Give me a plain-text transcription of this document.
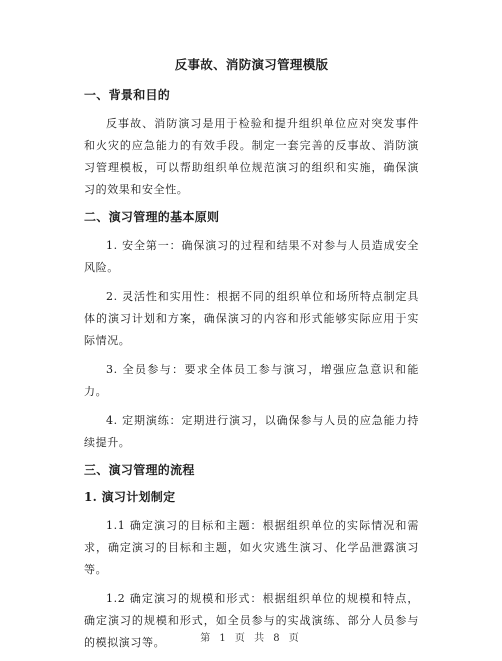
反事故、消防演习管理模版
一、背景和目的

反事故、消防演习是用于检验和提升组织单位应对突发事件和火灾的应急能力的有效手段。制定一套完善的反事故、消防演习管理模板，可以帮助组织单位规范演习的组织和实施，确保演习的效果和安全性。

二、演习管理的基本原则

1. 安全第一：确保演习的过程和结果不对参与人员造成安全风险。

2. 灵活性和实用性：根据不同的组织单位和场所特点制定具体的演习计划和方案，确保演习的内容和形式能够实际应用于实际情况。

3. 全员参与：要求全体员工参与演习，增强应急意识和能力。

4. 定期演练：定期进行演习，以确保参与人员的应急能力持续提升。

三、演习管理的流程
1. 演习计划制定

1.1 确定演习的目标和主题：根据组织单位的实际情况和需求，确定演习的目标和主题，如火灾逃生演习、化学品泄露演习等。

1.2 确定演习的规模和形式：根据组织单位的规模和特点，确定演习的规模和形式，如全员参与的实战演练、部分人员参与的模拟演习等。	第 1 页 共 8 页
